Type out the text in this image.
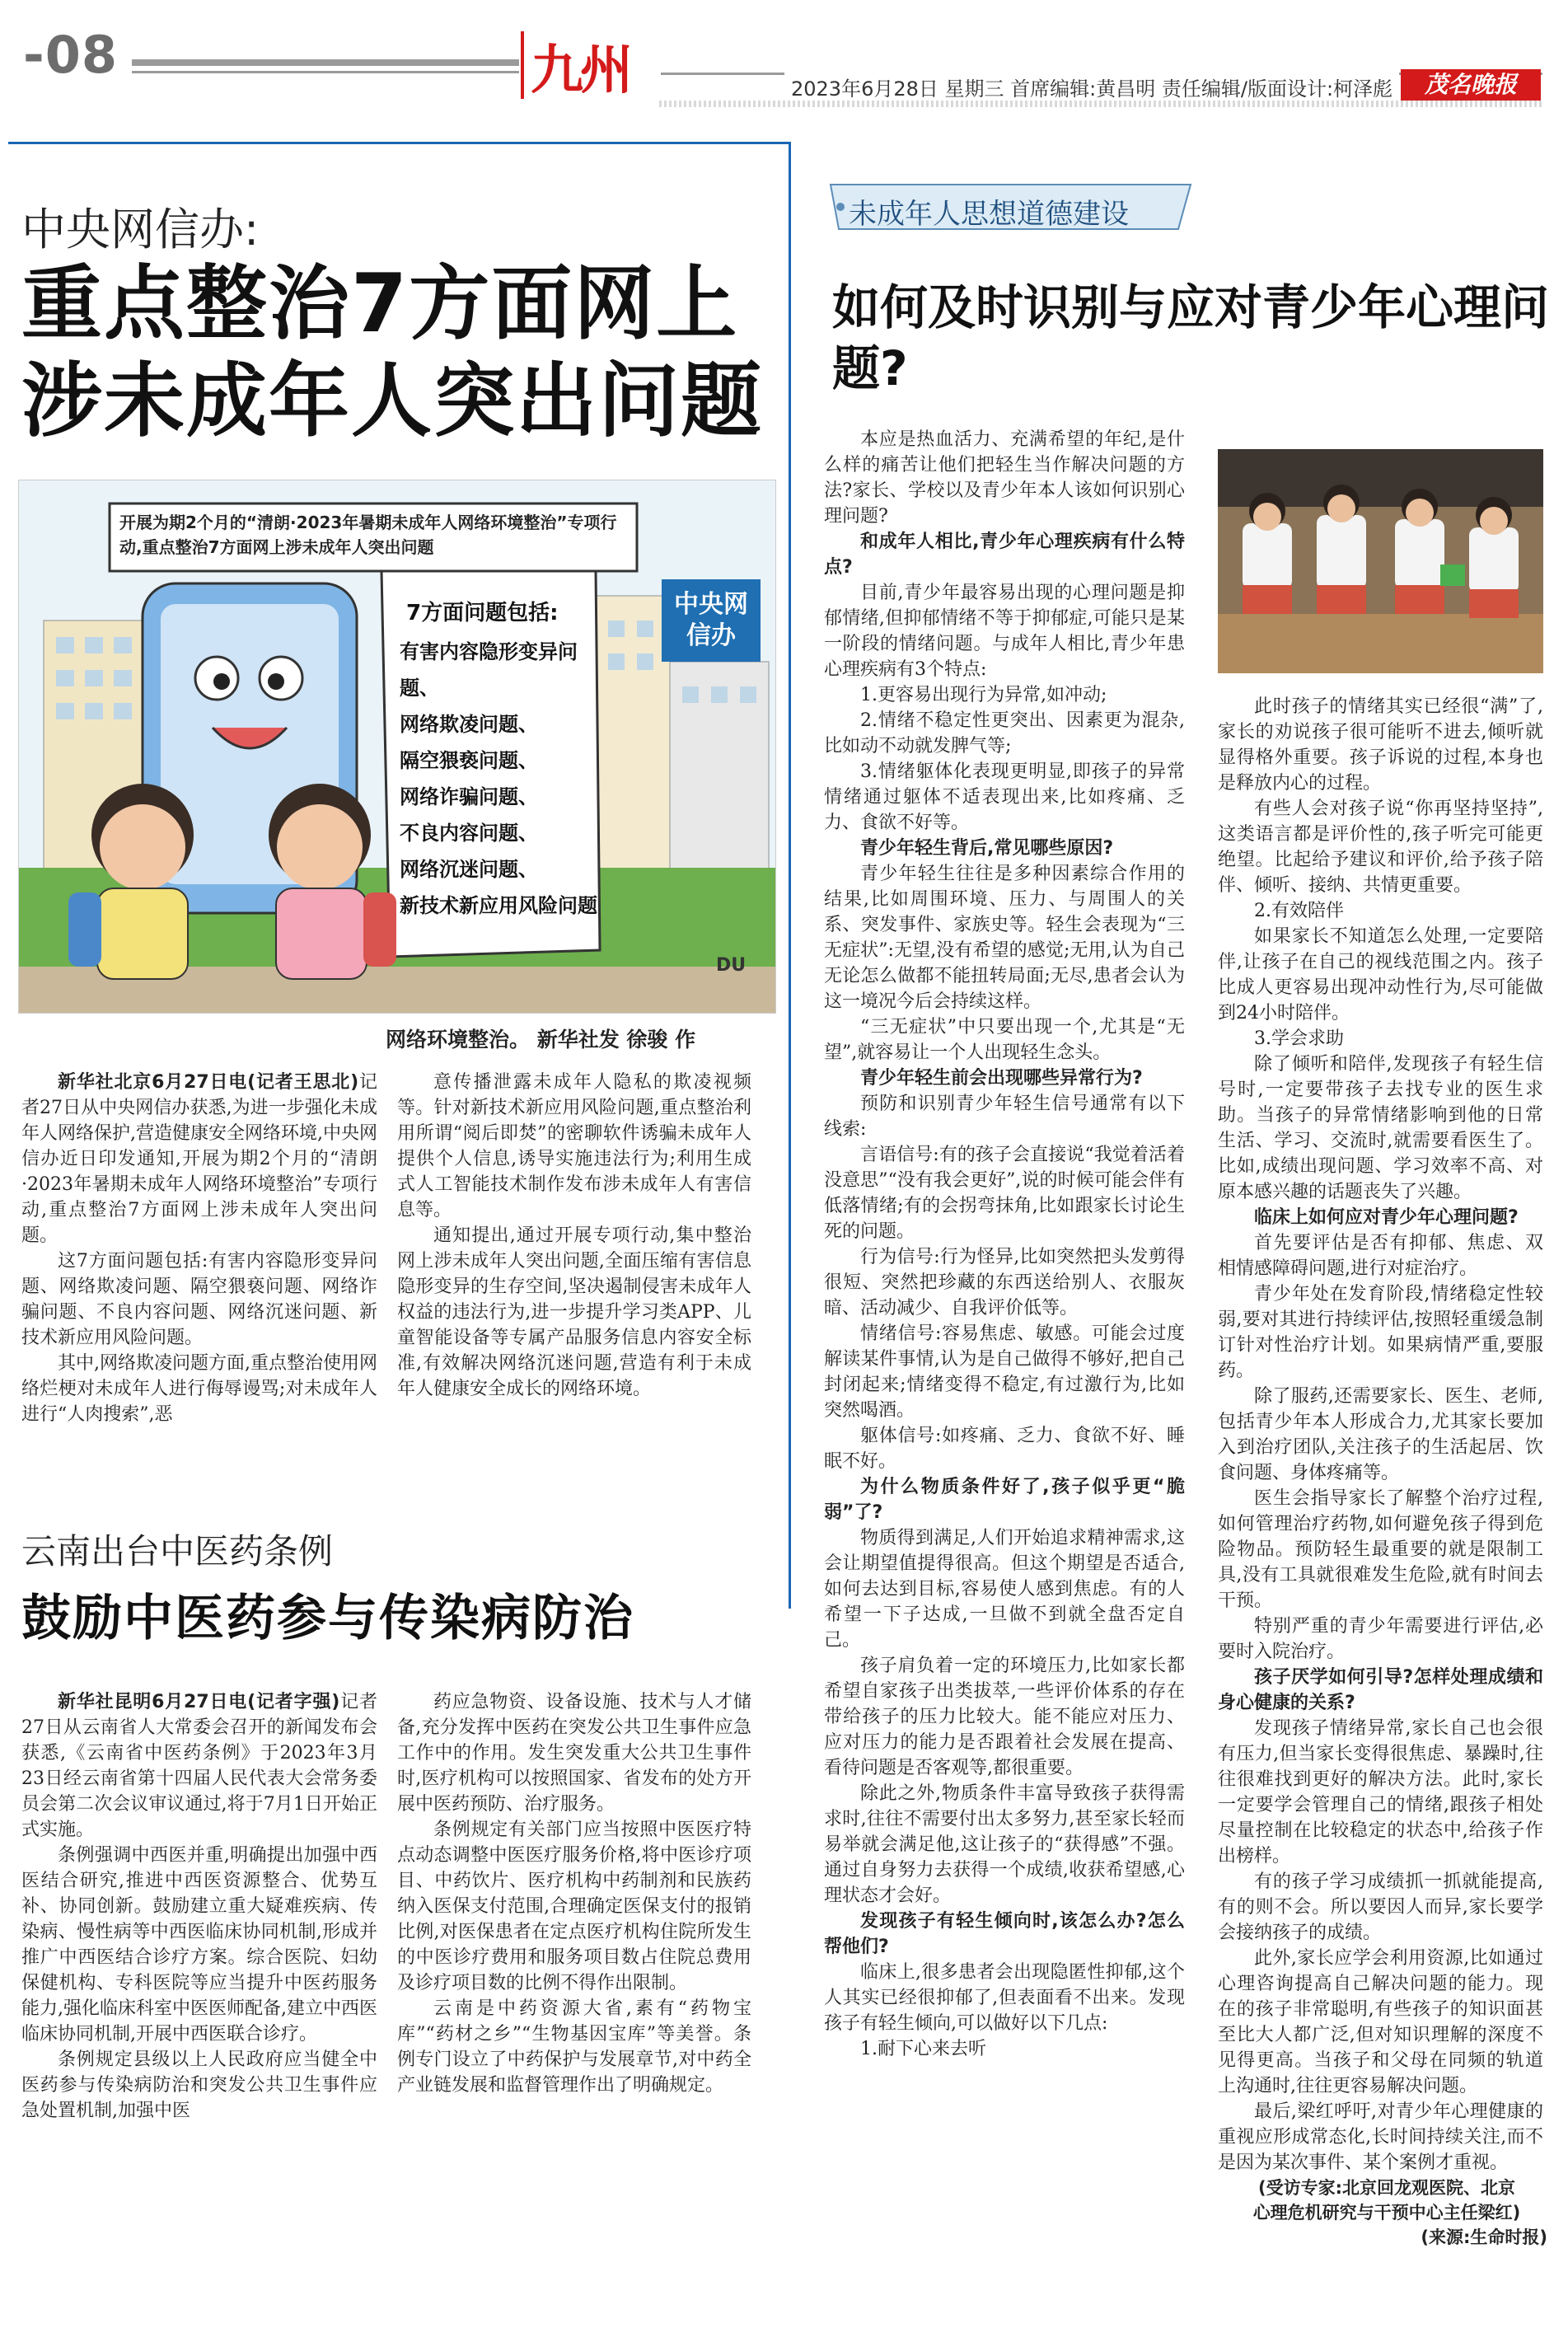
-08	九州	2023年6月28日 星期三 首席编辑:黄昌明 责任编辑/版面设计:柯泽彪	茂名晚报
中央网信办:
重点整治7方面网上涉未成年人突出问题
开展为期2个月的“清朗·2023年暑期未成年人网络环境整治”专项行动,重点整治7方面网上涉未成年人突出问题
中央网信办
7方面问题包括:
有害内容隐形变异问题、
网络欺凌问题、
隔空猥亵问题、
网络诈骗问题、
不良内容问题、
网络沉迷问题、
新技术新应用风险问题
DU
网络环境整治。 新华社发 徐骏 作

新华社北京6月27日电(记者王思北)记者27日从中央网信办获悉,为进一步强化未成年人网络保护,营造健康安全网络环境,中央网信办近日印发通知,开展为期2个月的“清朗·2023年暑期未成年人网络环境整治”专项行动,重点整治7方面网上涉未成年人突出问题。

这7方面问题包括:有害内容隐形变异问题、网络欺凌问题、隔空猥亵问题、网络诈骗问题、不良内容问题、网络沉迷问题、新技术新应用风险问题。

其中,网络欺凌问题方面,重点整治使用网络烂梗对未成年人进行侮辱谩骂;对未成年人进行“人肉搜索”,恶

意传播泄露未成年人隐私的欺凌视频等。针对新技术新应用风险问题,重点整治利用所谓“阅后即焚”的密聊软件诱骗未成年人提供个人信息,诱导实施违法行为;利用生成式人工智能技术制作发布涉未成年人有害信息等。

通知提出,通过开展专项行动,集中整治网上涉未成年人突出问题,全面压缩有害信息隐形变异的生存空间,坚决遏制侵害未成年人权益的违法行为,进一步提升学习类APP、儿童智能设备等专属产品服务信息内容安全标准,有效解决网络沉迷问题,营造有利于未成年人健康安全成长的网络环境。

云南出台中医药条例
鼓励中医药参与传染病防治

新华社昆明6月27日电(记者字强)记者27日从云南省人大常委会召开的新闻发布会获悉,《云南省中医药条例》于2023年3月23日经云南省第十四届人民代表大会常务委员会第二次会议审议通过,将于7月1日开始正式实施。

条例强调中西医并重,明确提出加强中西医结合研究,推进中西医资源整合、优势互补、协同创新。鼓励建立重大疑难疾病、传染病、慢性病等中西医临床协同机制,形成并推广中西医结合诊疗方案。综合医院、妇幼保健机构、专科医院等应当提升中医药服务能力,强化临床科室中医医师配备,建立中西医临床协同机制,开展中西医联合诊疗。

条例规定县级以上人民政府应当健全中医药参与传染病防治和突发公共卫生事件应急处置机制,加强中医

药应急物资、设备设施、技术与人才储备,充分发挥中医药在突发公共卫生事件应急工作中的作用。发生突发重大公共卫生事件时,医疗机构可以按照国家、省发布的处方开展中医药预防、治疗服务。

条例规定有关部门应当按照中医医疗特点动态调整中医医疗服务价格,将中医诊疗项目、中药饮片、医疗机构中药制剂和民族药纳入医保支付范围,合理确定医保支付的报销比例,对医保患者在定点医疗机构住院所发生的中医诊疗费用和服务项目数占住院总费用及诊疗项目数的比例不得作出限制。

云南是中药资源大省,素有“药物宝库”“药材之乡”“生物基因宝库”等美誉。条例专门设立了中药保护与发展章节,对中药全产业链发展和监督管理作出了明确规定。

未成年人思想道德建设
如何及时识别与应对青少年心理问题?

本应是热血活力、充满希望的年纪,是什么样的痛苦让他们把轻生当作解决问题的方法?家长、学校以及青少年本人该如何识别心理问题?

和成年人相比,青少年心理疾病有什么特点?

目前,青少年最容易出现的心理问题是抑郁情绪,但抑郁情绪不等于抑郁症,可能只是某一阶段的情绪问题。与成年人相比,青少年患心理疾病有3个特点:

1.更容易出现行为异常,如冲动;

2.情绪不稳定性更突出、因素更为混杂,比如动不动就发脾气等;

3.情绪躯体化表现更明显,即孩子的异常情绪通过躯体不适表现出来,比如疼痛、乏力、食欲不好等。

青少年轻生背后,常见哪些原因?

青少年轻生往往是多种因素综合作用的结果,比如周围环境、压力、与周围人的关系、突发事件、家族史等。轻生会表现为“三无症状”:无望,没有希望的感觉;无用,认为自己无论怎么做都不能扭转局面;无尽,患者会认为这一境况今后会持续这样。

“三无症状”中只要出现一个,尤其是“无望”,就容易让一个人出现轻生念头。

青少年轻生前会出现哪些异常行为?

预防和识别青少年轻生信号通常有以下线索:

言语信号:有的孩子会直接说“我觉着活着没意思”“没有我会更好”,说的时候可能会伴有低落情绪;有的会拐弯抹角,比如跟家长讨论生死的问题。

行为信号:行为怪异,比如突然把头发剪得很短、突然把珍藏的东西送给别人、衣服灰暗、活动减少、自我评价低等。

情绪信号:容易焦虑、敏感。可能会过度解读某件事情,认为是自己做得不够好,把自己封闭起来;情绪变得不稳定,有过激行为,比如突然喝酒。

躯体信号:如疼痛、乏力、食欲不好、睡眠不好。

为什么物质条件好了,孩子似乎更“脆弱”了?

物质得到满足,人们开始追求精神需求,这会让期望值提得很高。但这个期望是否适合,如何去达到目标,容易使人感到焦虑。有的人希望一下子达成,一旦做不到就全盘否定自己。

孩子肩负着一定的环境压力,比如家长都希望自家孩子出类拔萃,一些评价体系的存在带给孩子的压力比较大。能不能应对压力、应对压力的能力是否跟着社会发展在提高、看待问题是否客观等,都很重要。

除此之外,物质条件丰富导致孩子获得需求时,往往不需要付出太多努力,甚至家长轻而易举就会满足他,这让孩子的“获得感”不强。通过自身努力去获得一个成绩,收获希望感,心理状态才会好。

发现孩子有轻生倾向时,该怎么办?怎么帮他们?

临床上,很多患者会出现隐匿性抑郁,这个人其实已经很抑郁了,但表面看不出来。发现孩子有轻生倾向,可以做好以下几点:

1.耐下心来去听

此时孩子的情绪其实已经很“满”了,家长的劝说孩子很可能听不进去,倾听就显得格外重要。孩子诉说的过程,本身也是释放内心的过程。

有些人会对孩子说“你再坚持坚持”,这类语言都是评价性的,孩子听完可能更绝望。比起给予建议和评价,给予孩子陪伴、倾听、接纳、共情更重要。

2.有效陪伴

如果家长不知道怎么处理,一定要陪伴,让孩子在自己的视线范围之内。孩子比成人更容易出现冲动性行为,尽可能做到24小时陪伴。

3.学会求助

除了倾听和陪伴,发现孩子有轻生信号时,一定要带孩子去找专业的医生求助。当孩子的异常情绪影响到他的日常生活、学习、交流时,就需要看医生了。比如,成绩出现问题、学习效率不高、对原本感兴趣的话题丧失了兴趣。

临床上如何应对青少年心理问题?

首先要评估是否有抑郁、焦虑、双相情感障碍问题,进行对症治疗。

青少年处在发育阶段,情绪稳定性较弱,要对其进行持续评估,按照轻重缓急制订针对性治疗计划。如果病情严重,要服药。

除了服药,还需要家长、医生、老师,包括青少年本人形成合力,尤其家长要加入到治疗团队,关注孩子的生活起居、饮食问题、身体疼痛等。

医生会指导家长了解整个治疗过程,如何管理治疗药物,如何避免孩子得到危险物品。预防轻生最重要的就是限制工具,没有工具就很难发生危险,就有时间去干预。

特别严重的青少年需要进行评估,必要时入院治疗。

孩子厌学如何引导?怎样处理成绩和身心健康的关系?

发现孩子情绪异常,家长自己也会很有压力,但当家长变得很焦虑、暴躁时,往往很难找到更好的解决方法。此时,家长一定要学会管理自己的情绪,跟孩子相处尽量控制在比较稳定的状态中,给孩子作出榜样。

有的孩子学习成绩抓一抓就能提高,有的则不会。所以要因人而异,家长要学会接纳孩子的成绩。

此外,家长应学会利用资源,比如通过心理咨询提高自己解决问题的能力。现在的孩子非常聪明,有些孩子的知识面甚至比大人都广泛,但对知识理解的深度不见得更高。当孩子和父母在同频的轨道上沟通时,往往更容易解决问题。

最后,梁红呼吁,对青少年心理健康的重视应形成常态化,长时间持续关注,而不是因为某次事件、某个案例才重视。

(受访专家:北京回龙观医院、北京
心理危机研究与干预中心主任梁红)
(来源:生命时报)
